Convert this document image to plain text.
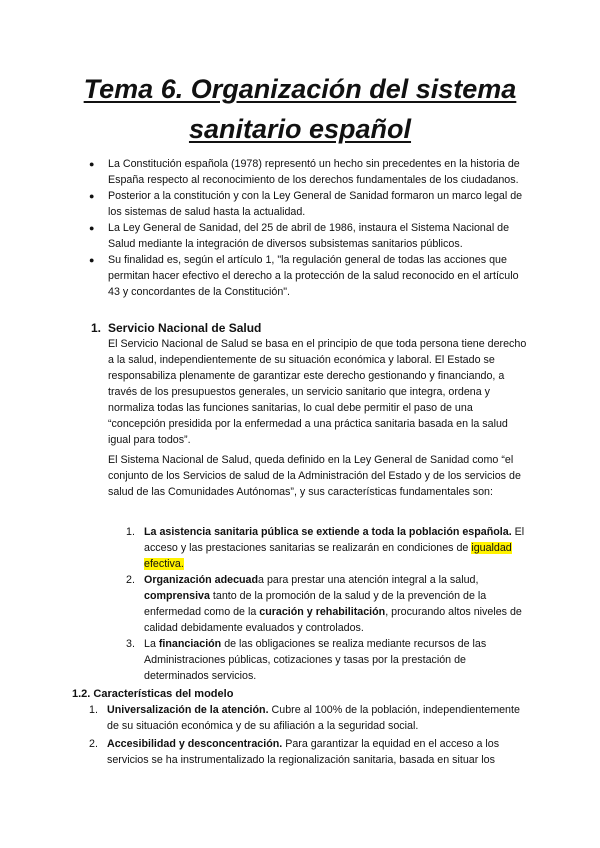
Tema 6. Organización del sistema
sanitario español
● La Constitución española (1978) representó un hecho sin precedentes en la historia de España respecto al reconocimiento de los derechos fundamentales de los ciudadanos.
● Posterior a la constitución y con la Ley General de Sanidad formaron un marco legal de los sistemas de salud hasta la actualidad.
● La Ley General de Sanidad, del 25 de abril de 1986, instaura el Sistema Nacional de Salud mediante la integración de diversos subsistemas sanitarios públicos.
● Su finalidad es, según el artículo 1, "la regulación general de todas las acciones que permitan hacer efectivo el derecho a la protección de la salud reconocido en el artículo 43 y concordantes de la Constitución".
1. Servicio Nacional de Salud

El Servicio Nacional de Salud se basa en el principio de que toda persona tiene derecho a la salud, independientemente de su situación económica y laboral. El Estado se responsabiliza plenamente de garantizar este derecho gestionando y financiando, a través de los presupuestos generales, un servicio sanitario que integra, ordena y normaliza todas las funciones sanitarias, lo cual debe permitir el paso de una “concepción presidida por la enfermedad a una práctica sanitaria basada en la salud igual para todos”.

El Sistema Nacional de Salud, queda definido en la Ley General de Sanidad como “el conjunto de los Servicios de salud de la Administración del Estado y de los servicios de salud de las Comunidades Autónomas”, y sus características fundamentales son:

1. La asistencia sanitaria pública se extiende a toda la población española. El acceso y las prestaciones sanitarias se realizarán en condiciones de igualdad efectiva.
2. Organización adecuada para prestar una atención integral a la salud, comprensiva tanto de la promoción de la salud y de la prevención de la enfermedad como de la curación y rehabilitación, procurando altos niveles de calidad debidamente evaluados y controlados.
3. La financiación de las obligaciones se realiza mediante recursos de las Administraciones públicas, cotizaciones y tasas por la prestación de determinados servicios.
1.2. Características del modelo
1. Universalización de la atención. Cubre al 100% de la población, independientemente de su situación económica y de su afiliación a la seguridad social.
2. Accesibilidad y desconcentración. Para garantizar la equidad en el acceso a los servicios se ha instrumentalizado la regionalización sanitaria, basada en situar los
